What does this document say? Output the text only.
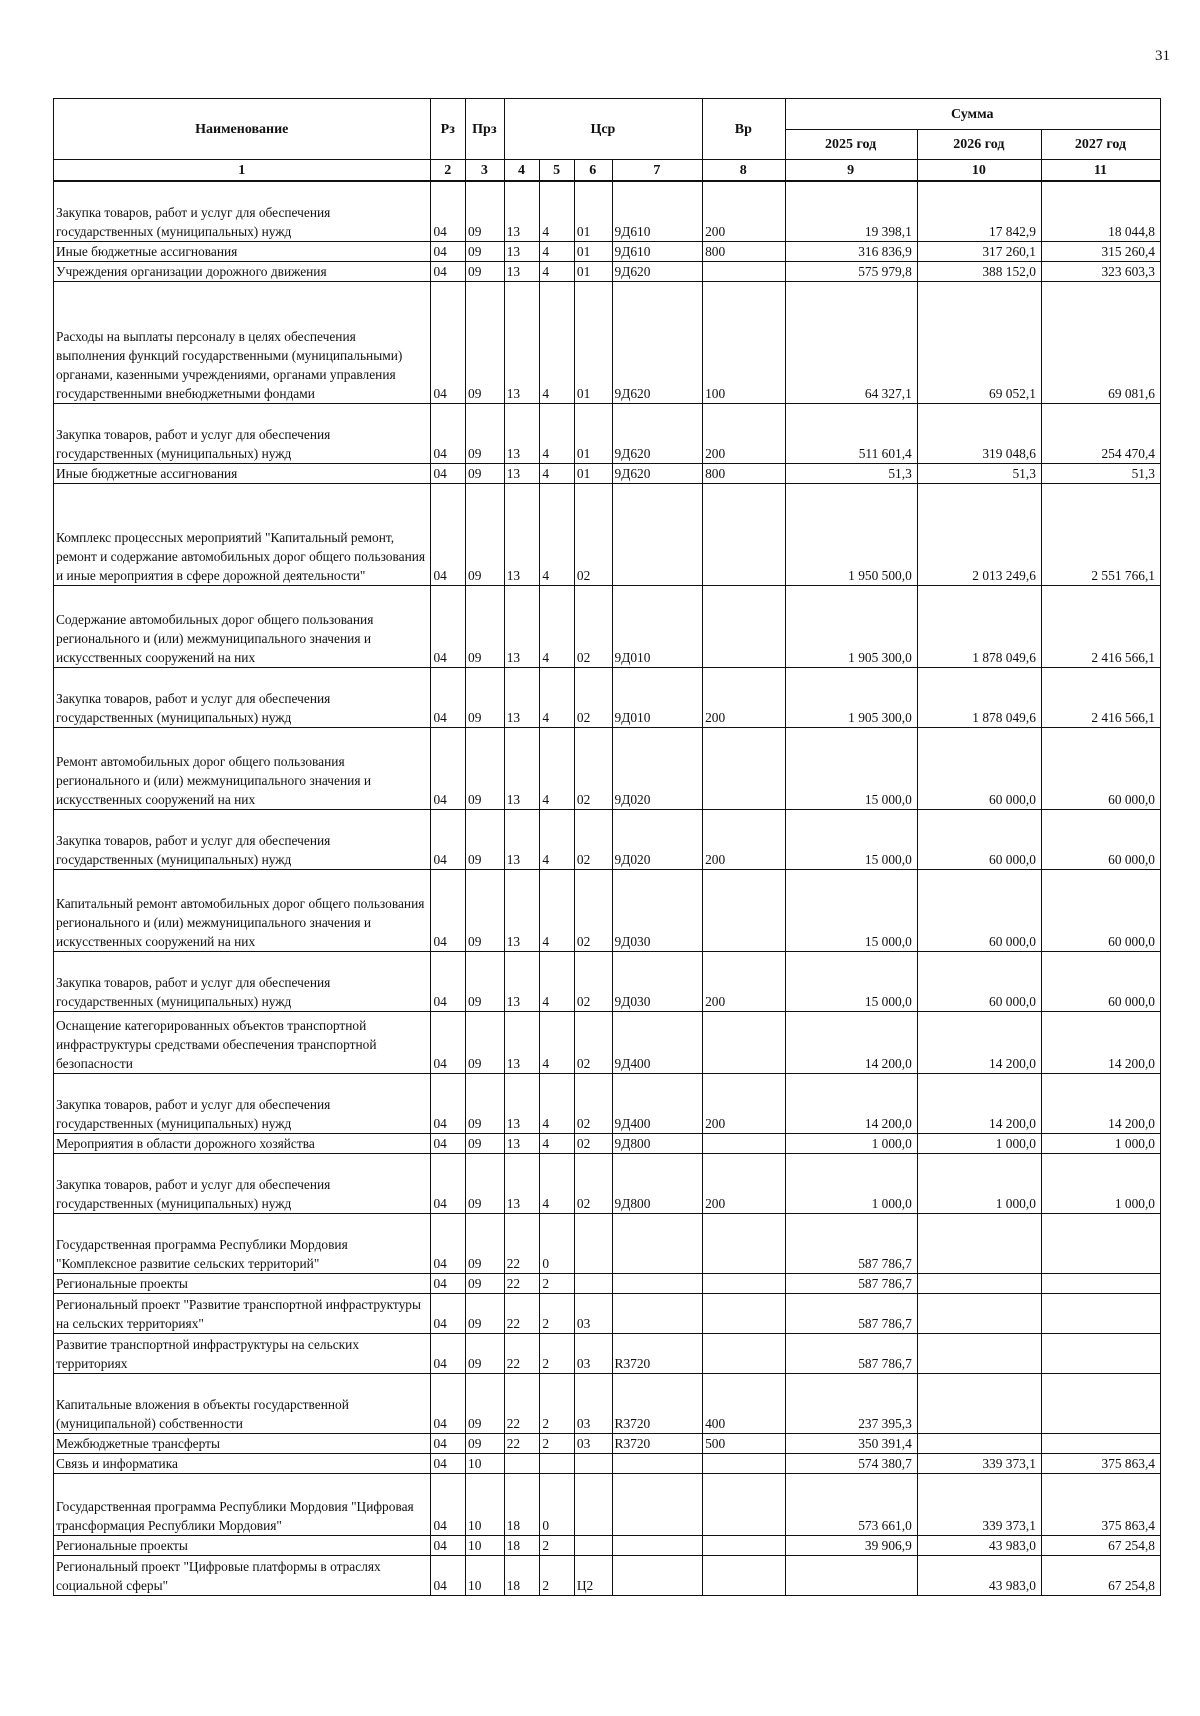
31
Наименование	Рз	Прз	Цср				Вр	Сумма		
								2025 год	2026 год	2027 год
1	2	3	4	5	6	7	8	9	10	11
Закупка товаров, работ и услуг для обеспечения государственных (муниципальных) нужд	04	09	13	4	01	9Д610	200	19 398,1	17 842,9	18 044,8
Иные бюджетные ассигнования	04	09	13	4	01	9Д610	800	316 836,9	317 260,1	315 260,4
Учреждения организации дорожного движения	04	09	13	4	01	9Д620		575 979,8	388 152,0	323 603,3
Расходы на выплаты персоналу в целях обеспечения выполнения функций государственными (муниципальными) органами, казенными учреждениями, органами управления государственными внебюджетными фондами	04	09	13	4	01	9Д620	100	64 327,1	69 052,1	69 081,6
Закупка товаров, работ и услуг для обеспечения государственных (муниципальных) нужд	04	09	13	4	01	9Д620	200	511 601,4	319 048,6	254 470,4
Иные бюджетные ассигнования	04	09	13	4	01	9Д620	800	51,3	51,3	51,3
Комплекс процессных мероприятий "Капитальный ремонт, ремонт и содержание автомобильных дорог общего пользования и иные мероприятия в сфере дорожной деятельности"	04	09	13	4	02			1 950 500,0	2 013 249,6	2 551 766,1
Содержание автомобильных дорог общего пользования регионального и (или) межмуниципального значения и искусственных сооружений на них	04	09	13	4	02	9Д010		1 905 300,0	1 878 049,6	2 416 566,1
Закупка товаров, работ и услуг для обеспечения государственных (муниципальных) нужд	04	09	13	4	02	9Д010	200	1 905 300,0	1 878 049,6	2 416 566,1
Ремонт автомобильных дорог общего пользования регионального и (или) межмуниципального значения и искусственных сооружений на них	04	09	13	4	02	9Д020		15 000,0	60 000,0	60 000,0
Закупка товаров, работ и услуг для обеспечения государственных (муниципальных) нужд	04	09	13	4	02	9Д020	200	15 000,0	60 000,0	60 000,0
Капитальный ремонт автомобильных дорог общего пользования регионального и (или) межмуниципального значения и искусственных сооружений на них	04	09	13	4	02	9Д030		15 000,0	60 000,0	60 000,0
Закупка товаров, работ и услуг для обеспечения государственных (муниципальных) нужд	04	09	13	4	02	9Д030	200	15 000,0	60 000,0	60 000,0
Оснащение категорированных объектов транспортной инфраструктуры средствами обеспечения транспортной безопасности	04	09	13	4	02	9Д400		14 200,0	14 200,0	14 200,0
Закупка товаров, работ и услуг для обеспечения государственных (муниципальных) нужд	04	09	13	4	02	9Д400	200	14 200,0	14 200,0	14 200,0
Мероприятия в области дорожного хозяйства	04	09	13	4	02	9Д800		1 000,0	1 000,0	1 000,0
Закупка товаров, работ и услуг для обеспечения государственных (муниципальных) нужд	04	09	13	4	02	9Д800	200	1 000,0	1 000,0	1 000,0
Государственная программа Республики Мордовия "Комплексное развитие сельских территорий"	04	09	22	0				587 786,7		
Региональные проекты	04	09	22	2				587 786,7		
Региональный проект "Развитие транспортной инфраструктуры на сельских территориях"	04	09	22	2	03			587 786,7		
Развитие транспортной инфраструктуры на сельских территориях	04	09	22	2	03	R3720		587 786,7		
Капитальные вложения в объекты государственной (муниципальной) собственности	04	09	22	2	03	R3720	400	237 395,3		
Межбюджетные трансферты	04	09	22	2	03	R3720	500	350 391,4		
Связь и информатика	04	10						574 380,7	339 373,1	375 863,4
Государственная программа Республики Мордовия "Цифровая трансформация Республики Мордовия"	04	10	18	0				573 661,0	339 373,1	375 863,4
Региональные проекты	04	10	18	2				39 906,9	43 983,0	67 254,8
Региональный проект "Цифровые платформы в отраслях социальной сферы"	04	10	18	2	Ц2				43 983,0	67 254,8
